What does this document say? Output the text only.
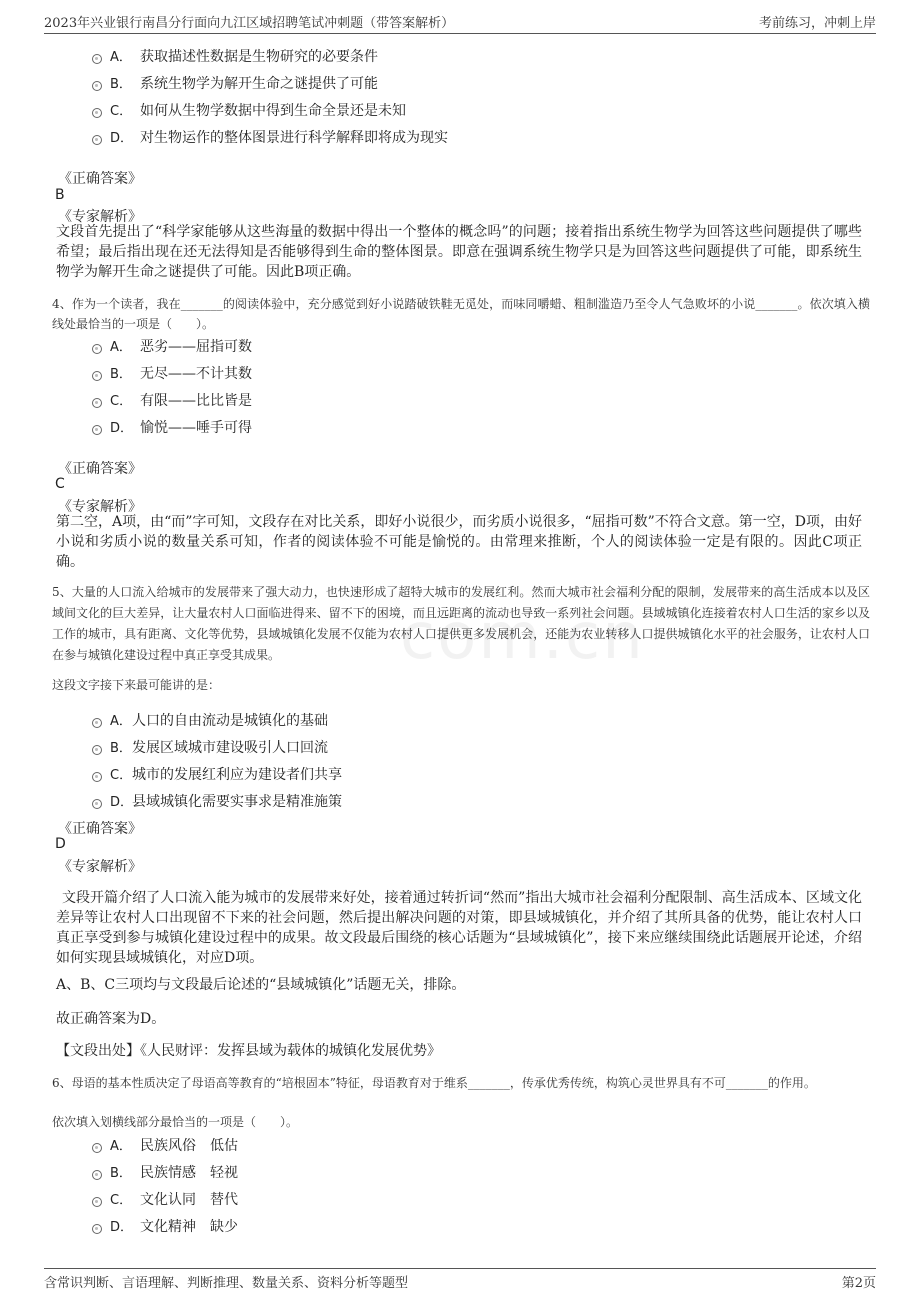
2023年兴业银行南昌分行面向九江区域招聘笔试冲刺题（带答案解析）	考前练习，冲刺上岸
com.cn
A． 获取描述性数据是生物研究的必要条件
B． 系统生物学为解开生命之谜提供了可能
C． 如何从生物学数据中得到生命全景还是未知
D． 对生物运作的整体图景进行科学解释即将成为现实
《正确答案》
B
《专家解析》
文段首先提出了“科学家能够从这些海量的数据中得出一个整体的概念吗”的问题；接着指出系统生物学为回答这些问题提供了哪些希望；最后指出现在还无法得知是否能够得到生命的整体图景。即意在强调系统生物学只是为回答这些问题提供了可能，即系统生物学为解开生命之谜提供了可能。因此B项正确。
4、作为一个读者，我在_______的阅读体验中，充分感觉到好小说踏破铁鞋无觅处，而味同嚼蜡、粗制滥造乃至令人气急败坏的小说_______。依次填入横线处最恰当的一项是（　　）。
A． 恶劣——屈指可数
B． 无尽——不计其数
C． 有限——比比皆是
D． 愉悦——唾手可得
《正确答案》
C
《专家解析》
第二空，A项，由“而”字可知，文段存在对比关系，即好小说很少，而劣质小说很多，“屈指可数”不符合文意。第一空，D项，由好小说和劣质小说的数量关系可知，作者的阅读体验不可能是愉悦的。由常理来推断，个人的阅读体验一定是有限的。因此C项正确。
5、大量的人口流入给城市的发展带来了强大动力，也快速形成了超特大城市的发展红利。然而大城市社会福利分配的限制，发展带来的高生活成本以及区域间文化的巨大差异，让大量农村人口面临进得来、留不下的困境，而且远距离的流动也导致一系列社会问题。县域城镇化连接着农村人口生活的家乡以及工作的城市，具有距离、文化等优势，县域城镇化发展不仅能为农村人口提供更多发展机会，还能为农业转移人口提供城镇化水平的社会服务，让农村人口在参与城镇化建设过程中真正享受其成果。
这段文字接下来最可能讲的是：
A．人口的自由流动是城镇化的基础
B．发展区域城市建设吸引人口回流
C．城市的发展红利应为建设者们共享
D．县域城镇化需要实事求是精准施策
《正确答案》
D
《专家解析》
文段开篇介绍了人口流入能为城市的发展带来好处，接着通过转折词“然而”指出大城市社会福利分配限制、高生活成本、区域文化差异等让农村人口出现留不下来的社会问题，然后提出解决问题的对策，即县域城镇化，并介绍了其所具备的优势，能让农村人口真正享受到参与城镇化建设过程中的成果。故文段最后围绕的核心话题为“县域城镇化”，接下来应继续围绕此话题展开论述，介绍如何实现县域城镇化，对应D项。
A、B、C三项均与文段最后论述的“县域城镇化”话题无关，排除。
故正确答案为D。
【文段出处】《人民财评：发挥县域为载体的城镇化发展优势》
6、母语的基本性质决定了母语高等教育的“培根固本”特征，母语教育对于维系_______，传承优秀传统，构筑心灵世界具有不可_______的作用。
依次填入划横线部分最恰当的一项是（　　）。
A． 民族风俗　低估
B． 民族情感　轻视
C． 文化认同　替代
D． 文化精神　缺少
含常识判断、言语理解、判断推理、数量关系、资料分析等题型	第2页
